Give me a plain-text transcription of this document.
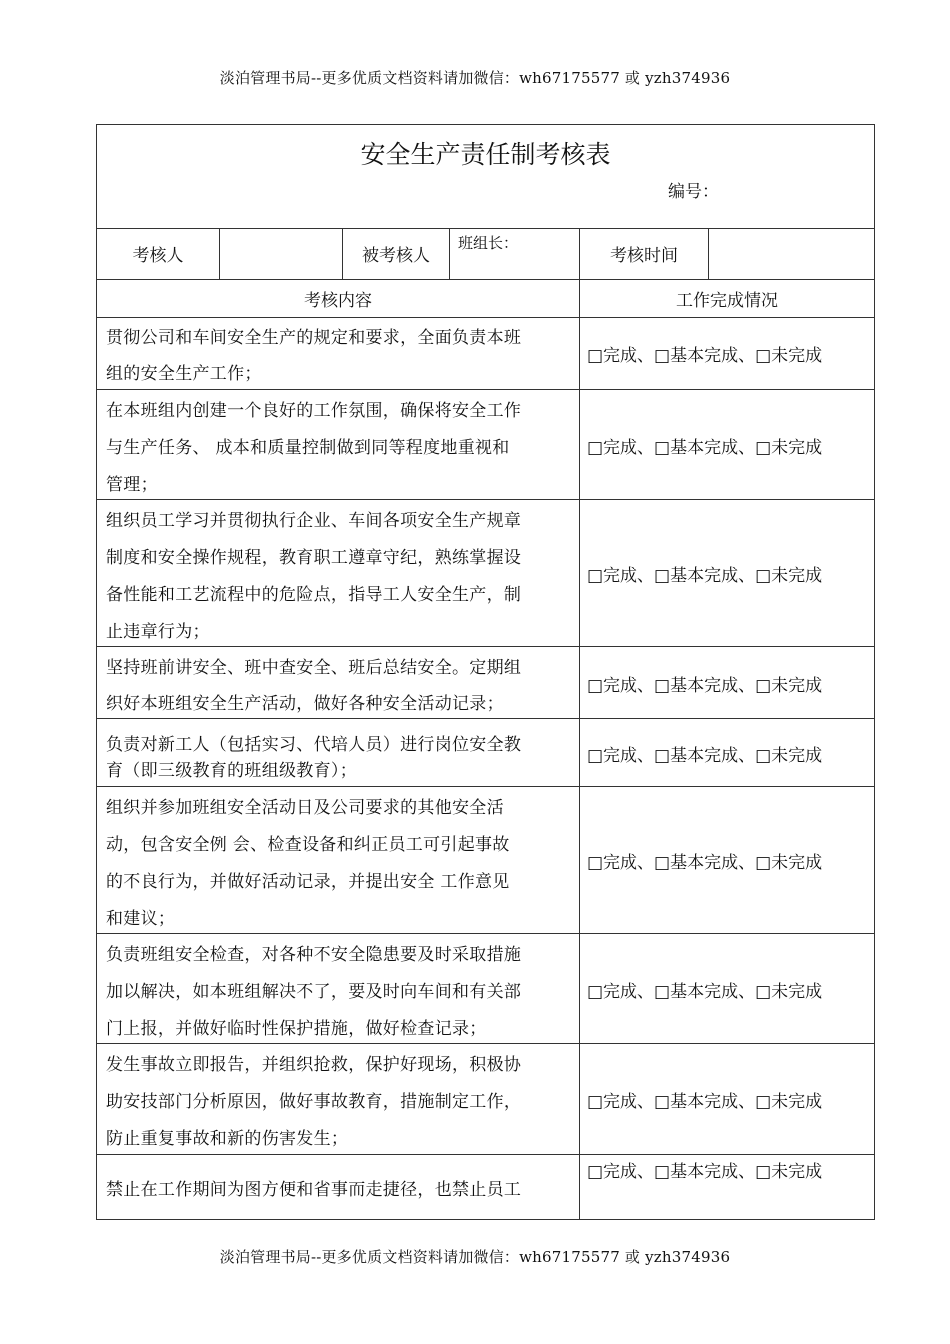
淡泊管理书局--更多优质文档资料请加微信：wh67175577 或 yzh374936
安全生产责任制考核表
编号：
考核人	被考核人
班组长：
考核时间
考核内容	工作完成情况
贯彻公司和车间安全生产的规定和要求，全面负责本班
组的安全生产工作；
□完成、□基本完成、□未完成
在本班组内创建一个良好的工作氛围，确保将安全工作
与生产任务、 成本和质量控制做到同等程度地重视和
管理；
□完成、□基本完成、□未完成
组织员工学习并贯彻执行企业、车间各项安全生产规章
制度和安全操作规程，教育职工遵章守纪，熟练掌握设
备性能和工艺流程中的危险点，指导工人安全生产，制
止违章行为；
□完成、□基本完成、□未完成
坚持班前讲安全、班中查安全、班后总结安全。定期组
织好本班组安全生产活动，做好各种安全活动记录；
□完成、□基本完成、□未完成
负责对新工人（包括实习、代培人员）进行岗位安全教
育（即三级教育的班组级教育）；
□完成、□基本完成、□未完成
组织并参加班组安全活动日及公司要求的其他安全活
动，包含安全例 会、检查设备和纠正员工可引起事故
的不良行为，并做好活动记录，并提出安全 工作意见
和建议；
□完成、□基本完成、□未完成
负责班组安全检查，对各种不安全隐患要及时采取措施
加以解决，如本班组解决不了，要及时向车间和有关部
门上报，并做好临时性保护措施，做好检查记录；
□完成、□基本完成、□未完成
发生事故立即报告，并组织抢救，保护好现场，积极协
助安技部门分析原因，做好事故教育，措施制定工作，
防止重复事故和新的伤害发生；
□完成、□基本完成、□未完成
禁止在工作期间为图方便和省事而走捷径，也禁止员工
□完成、□基本完成、□未完成
淡泊管理书局--更多优质文档资料请加微信：wh67175577 或 yzh374936
